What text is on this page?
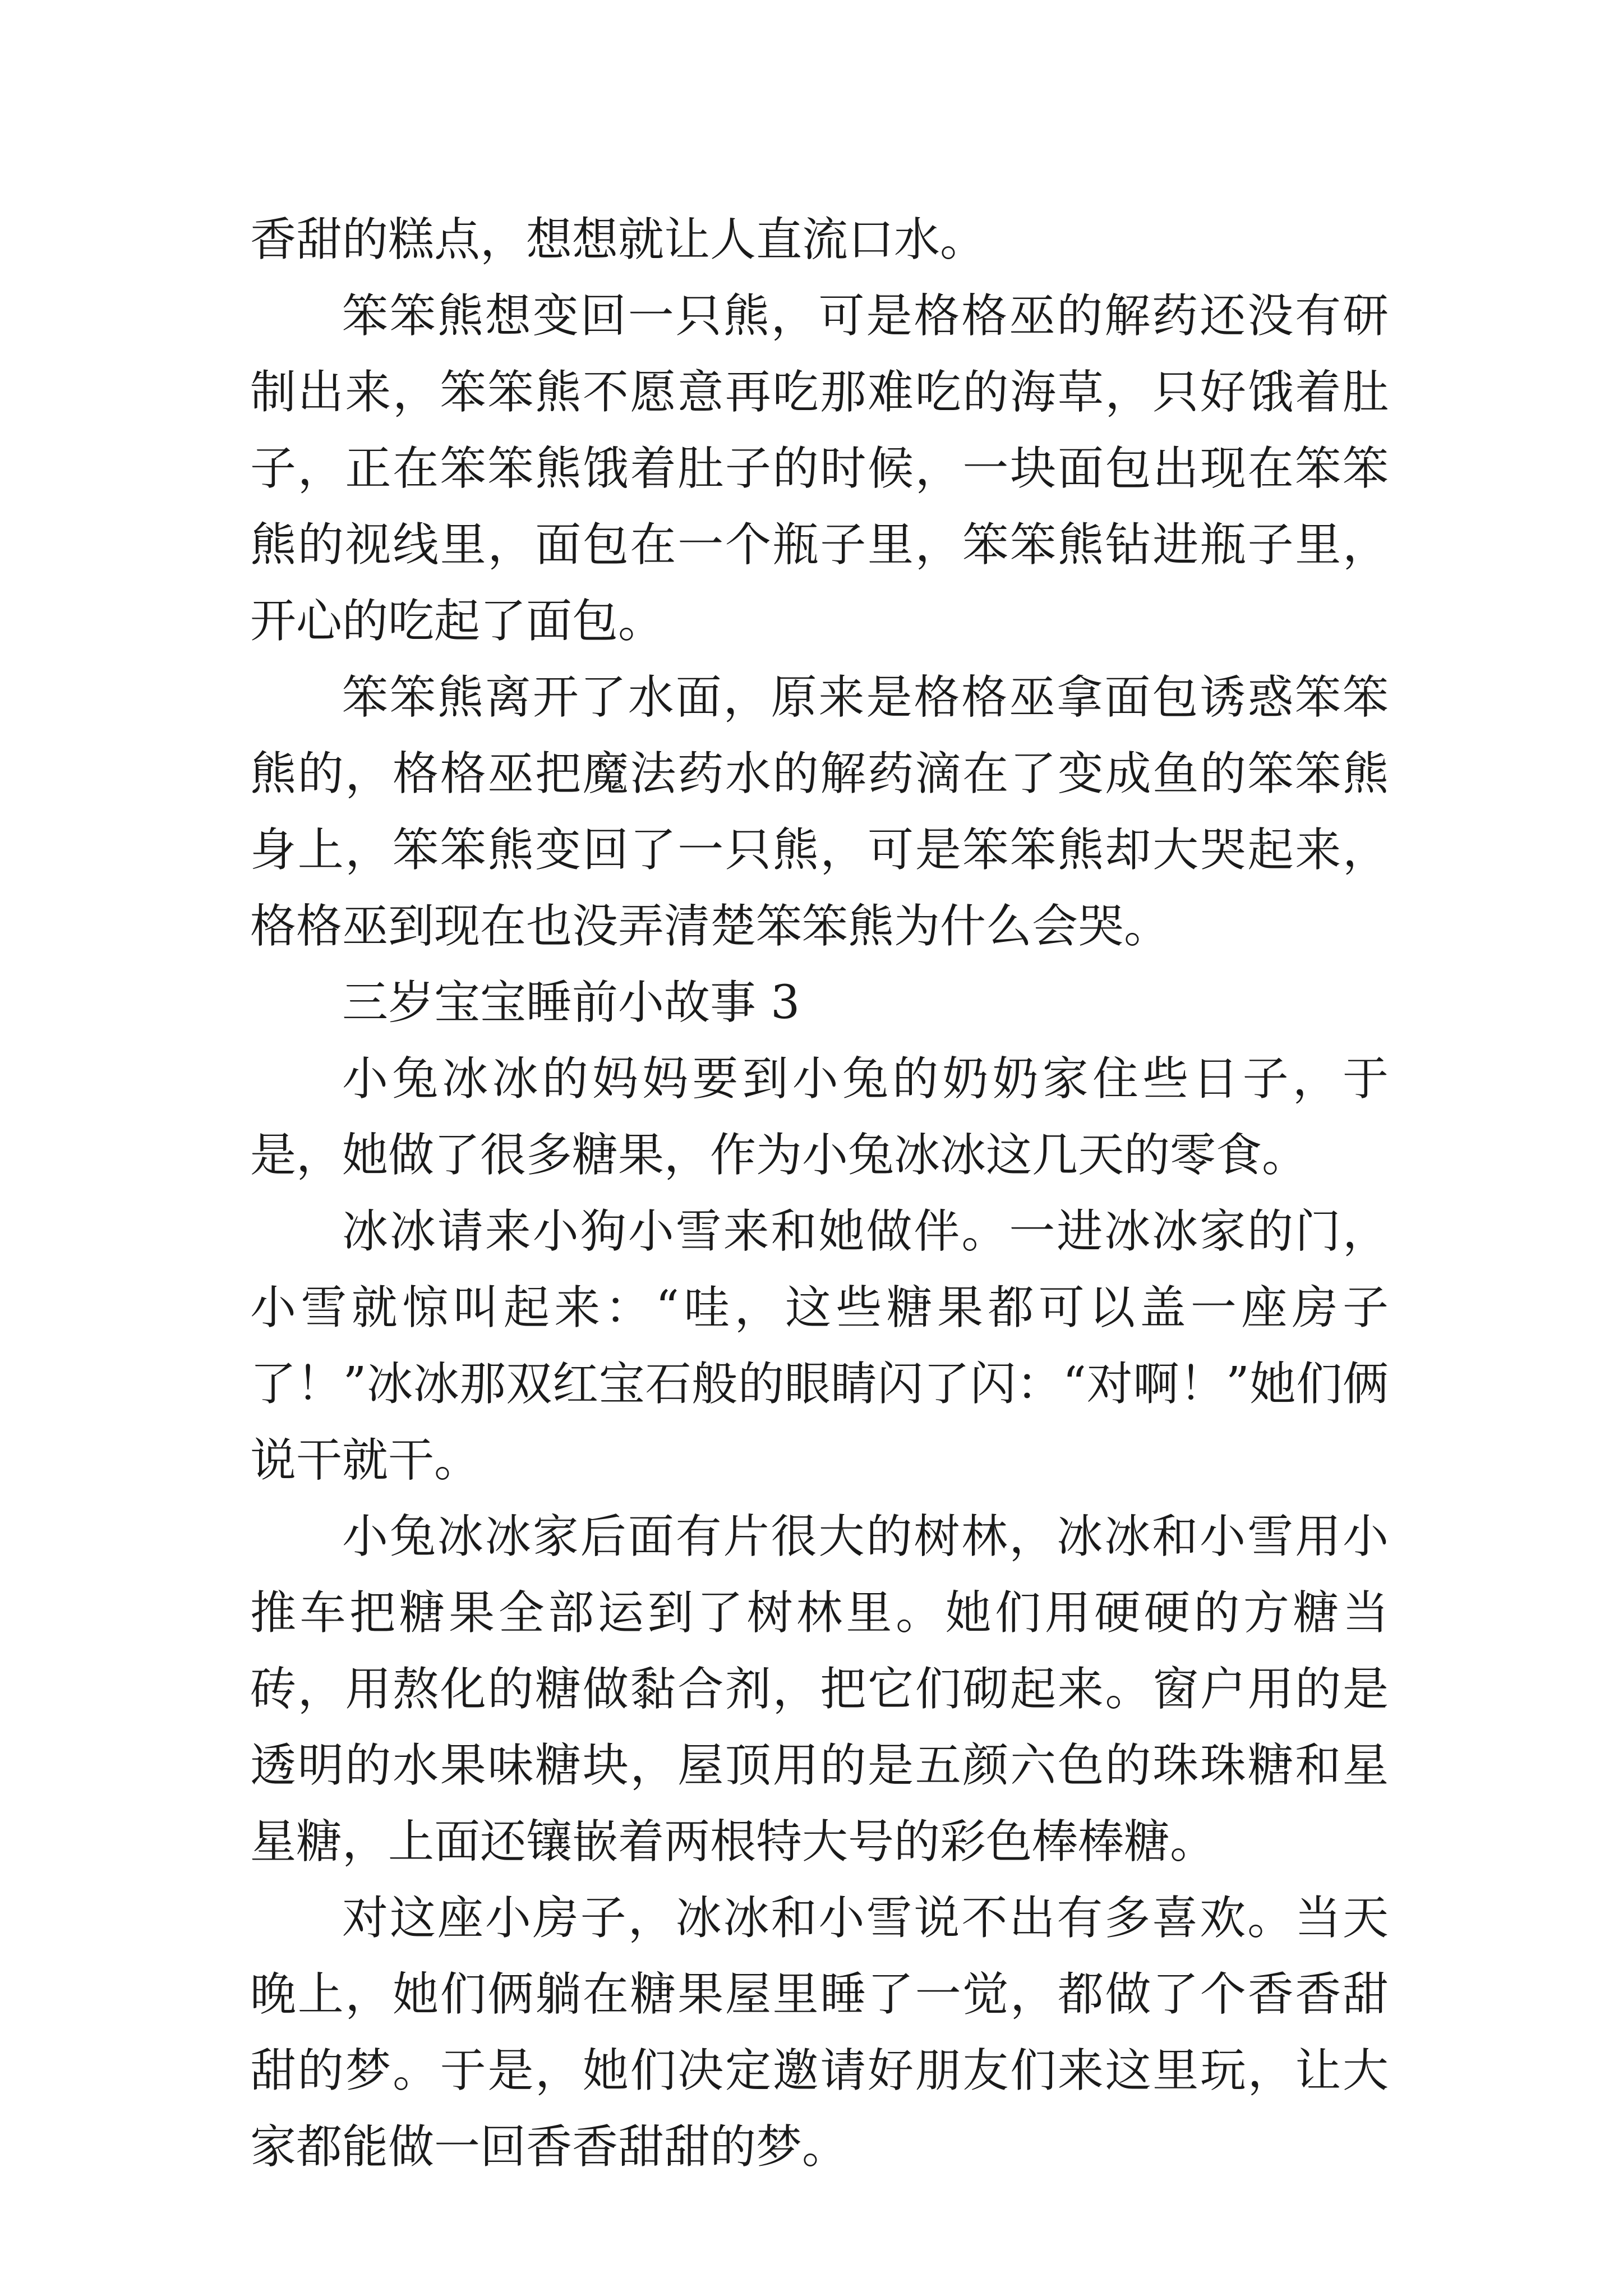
香甜的糕点，想想就让人直流口水。

笨笨熊想变回一只熊，可是格格巫的解药还没有研制出来，笨笨熊不愿意再吃那难吃的海草，只好饿着肚子，正在笨笨熊饿着肚子的时候，一块面包出现在笨笨熊的视线里，面包在一个瓶子里，笨笨熊钻进瓶子里，开心的吃起了面包。

笨笨熊离开了水面，原来是格格巫拿面包诱惑笨笨熊的，格格巫把魔法药水的解药滴在了变成鱼的笨笨熊身上，笨笨熊变回了一只熊，可是笨笨熊却大哭起来，格格巫到现在也没弄清楚笨笨熊为什么会哭。

三岁宝宝睡前小故事 3

小兔冰冰的妈妈要到小兔的奶奶家住些日子，于是，她做了很多糖果，作为小兔冰冰这几天的零食。

冰冰请来小狗小雪来和她做伴。一进冰冰家的门，小雪就惊叫起来：“哇，这些糖果都可以盖一座房子了！”冰冰那双红宝石般的眼睛闪了闪：“对啊！”她们俩说干就干。

小兔冰冰家后面有片很大的树林，冰冰和小雪用小推车把糖果全部运到了树林里。她们用硬硬的方糖当砖，用熬化的糖做黏合剂，把它们砌起来。窗户用的是透明的水果味糖块，屋顶用的是五颜六色的珠珠糖和星星糖，上面还镶嵌着两根特大号的彩色棒棒糖。

对这座小房子，冰冰和小雪说不出有多喜欢。当天晚上，她们俩躺在糖果屋里睡了一觉，都做了个香香甜甜的梦。于是，她们决定邀请好朋友们来这里玩，让大家都能做一回香香甜甜的梦。
